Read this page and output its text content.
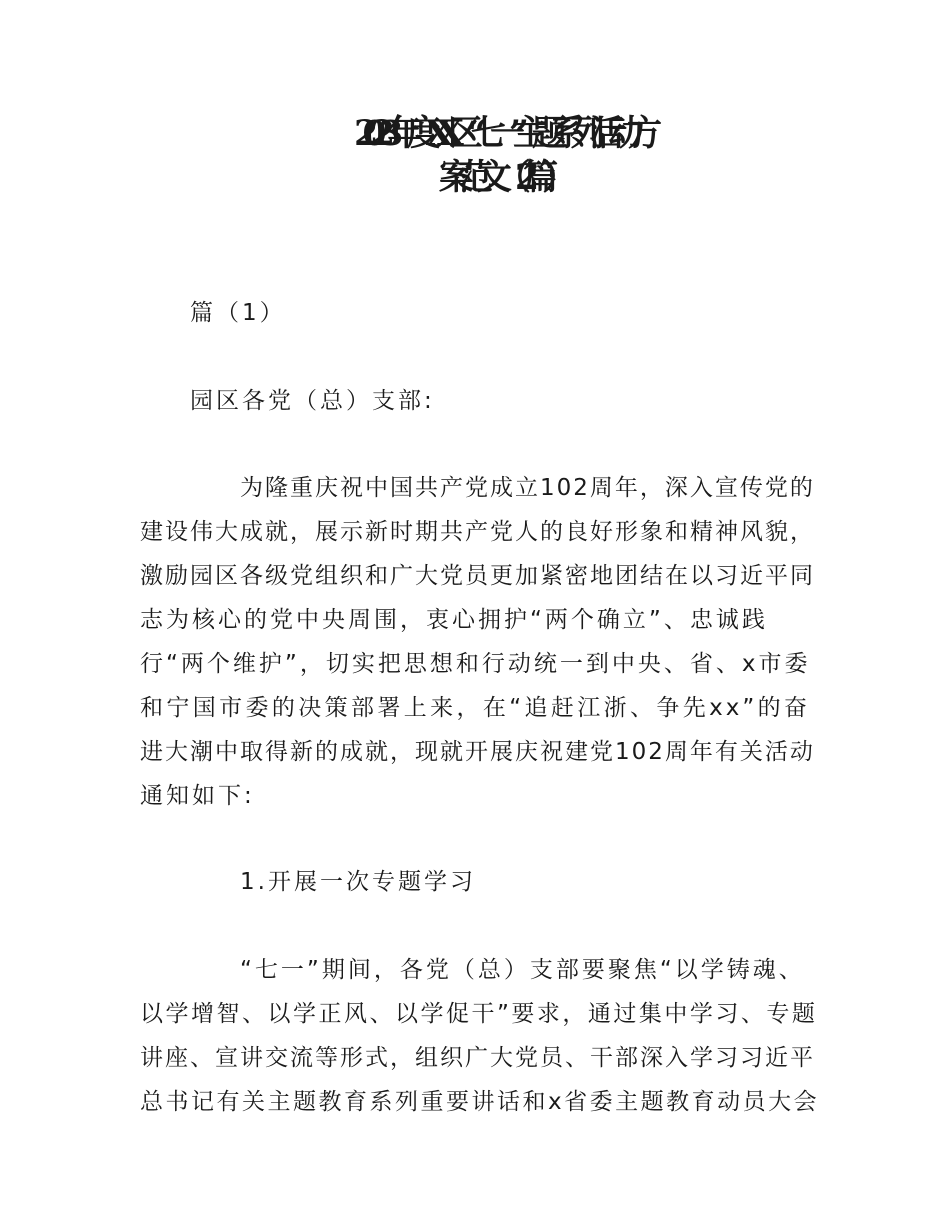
2023年度XX区“七一”主题系列活动方
案范文（2篇）

篇（1）

园区各党（总）支部:

为隆重庆祝中国共产党成立102周年，深入宣传党的

建设伟大成就，展示新时期共产党人的良好形象和精神风貌，

激励园区各级党组织和广大党员更加紧密地团结在以习近平同

志为核心的党中央周围，衷心拥护“两个确立”、忠诚践

行“两个维护”，切实把思想和行动统一到中央、省、x市委

和宁国市委的决策部署上来，在“追赶江浙、争先xx”的奋

进大潮中取得新的成就，现就开展庆祝建党102周年有关活动

通知如下:

1.开展一次专题学习

“七一”期间，各党（总）支部要聚焦“以学铸魂、

以学增智、以学正风、以学促干”要求，通过集中学习、专题

讲座、宣讲交流等形式，组织广大党员、干部深入学习习近平

总书记有关主题教育系列重要讲话和x省委主题教育动员大会
